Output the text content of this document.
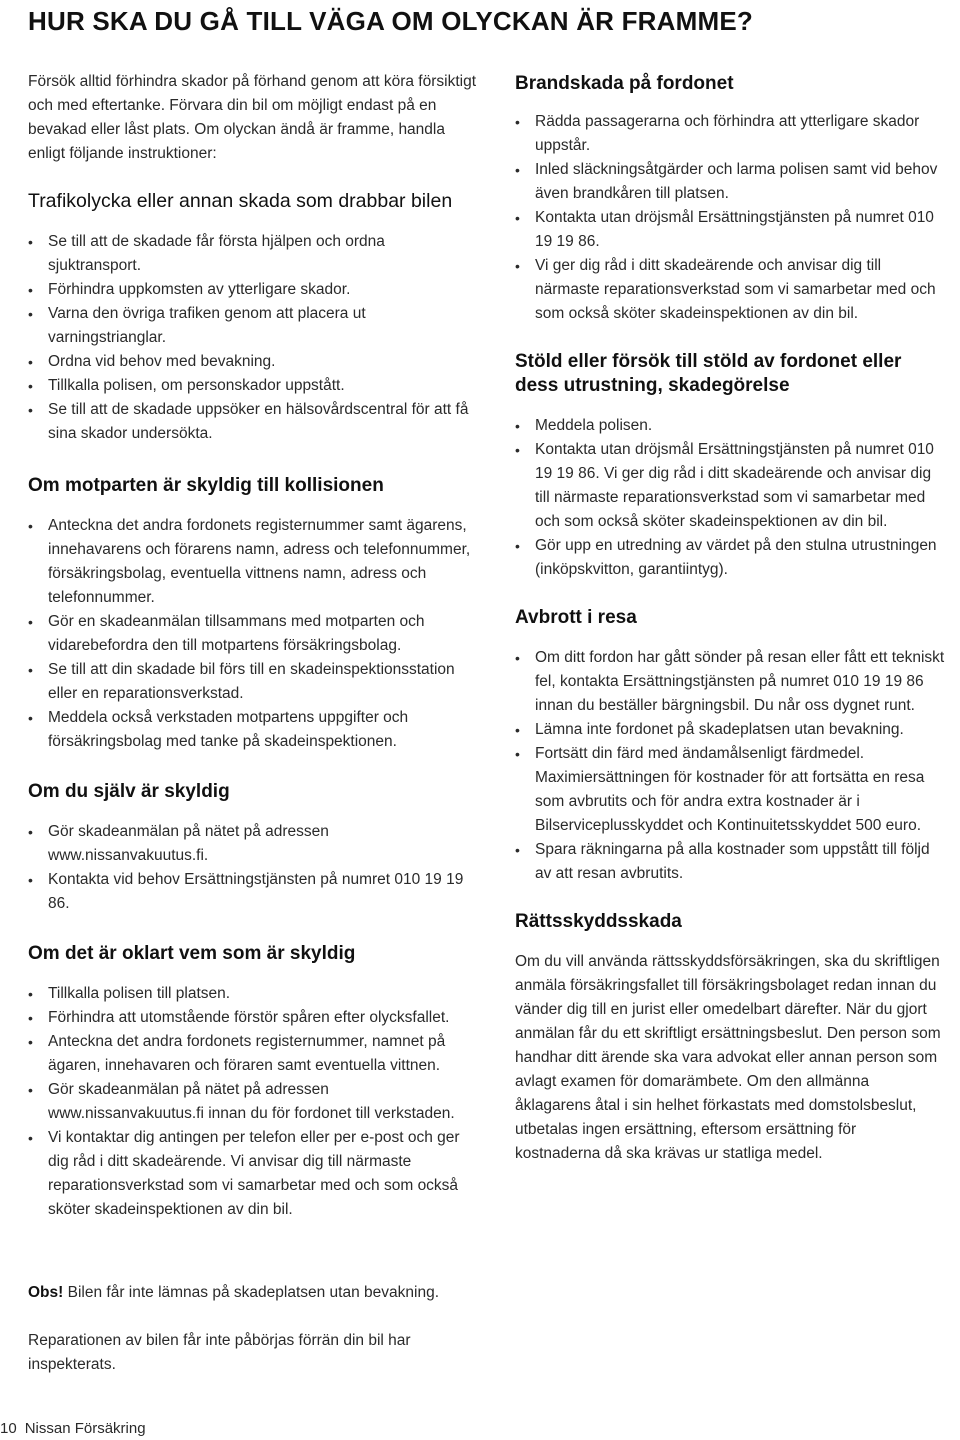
HUR SKA DU GÅ TILL VÄGA OM OLYCKAN ÄR FRAMME?

Försök alltid förhindra skador på förhand genom att köra försiktigt och med eftertanke. Förvara din bil om möjligt endast på en bevakad eller låst plats. Om olyckan ändå är framme, handla enligt följande instruktioner:

Trafikolycka eller annan skada som drabbar bilen
• Se till att de skadade får första hjälpen och ordna sjuktransport.
• Förhindra uppkomsten av ytterligare skador.
• Varna den övriga trafiken genom att placera ut varningstrianglar.
• Ordna vid behov med bevakning.
• Tillkalla polisen, om personskador uppstått.
• Se till att de skadade uppsöker en hälsovårdscentral för att få sina skador undersökta.
Om motparten är skyldig till kollisionen
• Anteckna det andra fordonets registernummer samt ägarens, innehavarens och förarens namn, adress och telefonnummer, försäkringsbolag, eventuella vittnens namn, adress och telefonnummer.
• Gör en skadeanmälan tillsammans med motparten och vidarebefordra den till motpartens försäkringsbolag.
• Se till att din skadade bil förs till en skadeinspektionsstation eller en reparationsverkstad.
• Meddela också verkstaden motpartens uppgifter och försäkringsbolag med tanke på skadeinspektionen.
Om du själv är skyldig
• Gör skadeanmälan på nätet på adressen www.nissanvakuutus.fi.
• Kontakta vid behov Ersättningstjänsten på numret 010 19 19 86.
Om det är oklart vem som är skyldig
• Tillkalla polisen till platsen.
• Förhindra att utomstående förstör spåren efter olycksfallet.
• Anteckna det andra fordonets registernummer, namnet på ägaren, innehavaren och föraren samt eventuella vittnen.
• Gör skadeanmälan på nätet på adressen www.nissanvakuutus.fi innan du för fordonet till verkstaden.
• Vi kontaktar dig antingen per telefon eller per e-post och ger dig råd i ditt skadeärende. Vi anvisar dig till närmaste reparationsverkstad som vi samarbetar med och som också sköter skadeinspektionen av din bil.
Brandskada på fordonet
• Rädda passagerarna och förhindra att ytterligare skador uppstår.
• Inled släckningsåtgärder och larma polisen samt vid behov även brandkåren till platsen.
• Kontakta utan dröjsmål Ersättningstjänsten på numret 010 19 19 86.
• Vi ger dig råd i ditt skadeärende och anvisar dig till närmaste reparationsverkstad som vi samarbetar med och som också sköter skadeinspektionen av din bil.
Stöld eller försök till stöld av fordonet eller dess utrustning, skadegörelse
• Meddela polisen.
• Kontakta utan dröjsmål Ersättningstjänsten på numret 010 19 19 86. Vi ger dig råd i ditt skadeärende och anvisar dig till närmaste reparationsverkstad som vi samarbetar med och som också sköter skadeinspektionen av din bil.
• Gör upp en utredning av värdet på den stulna utrustningen (inköpskvitton, garantiintyg).
Avbrott i resa
• Om ditt fordon har gått sönder på resan eller fått ett tekniskt fel, kontakta Ersättningstjänsten på numret 010 19 19 86 innan du beställer bärgningsbil. Du når oss dygnet runt.
• Lämna inte fordonet på skadeplatsen utan bevakning.
• Fortsätt din färd med ändamålsenligt färdmedel. Maximiersättningen för kostnader för att fortsätta en resa som avbrutits och för andra extra kostnader är i Bilserviceplusskyddet och Kontinuitetsskyddet 500 euro.
• Spara räkningarna på alla kostnader som uppstått till följd av att resan avbrutits.
Rättsskyddsskada

Om du vill använda rättsskyddsförsäkringen, ska du skriftligen anmäla försäkringsfallet till försäkringsbolaget redan innan du vänder dig till en jurist eller omedelbart därefter. När du gjort anmälan får du ett skriftligt ersättningsbeslut. Den person som handhar ditt ärende ska vara advokat eller annan person som avlagt examen för domarämbete. Om den allmänna åklagarens åtal i sin helhet förkastats med domstolsbeslut, utbetalas ingen ersättning, eftersom ersättning för kostnaderna då ska krävas ur statliga medel.

Obs! Bilen får inte lämnas på skadeplatsen utan bevakning.

Reparationen av bilen får inte påbörjas förrän din bil har inspekterats.

10 Nissan Försäkring
